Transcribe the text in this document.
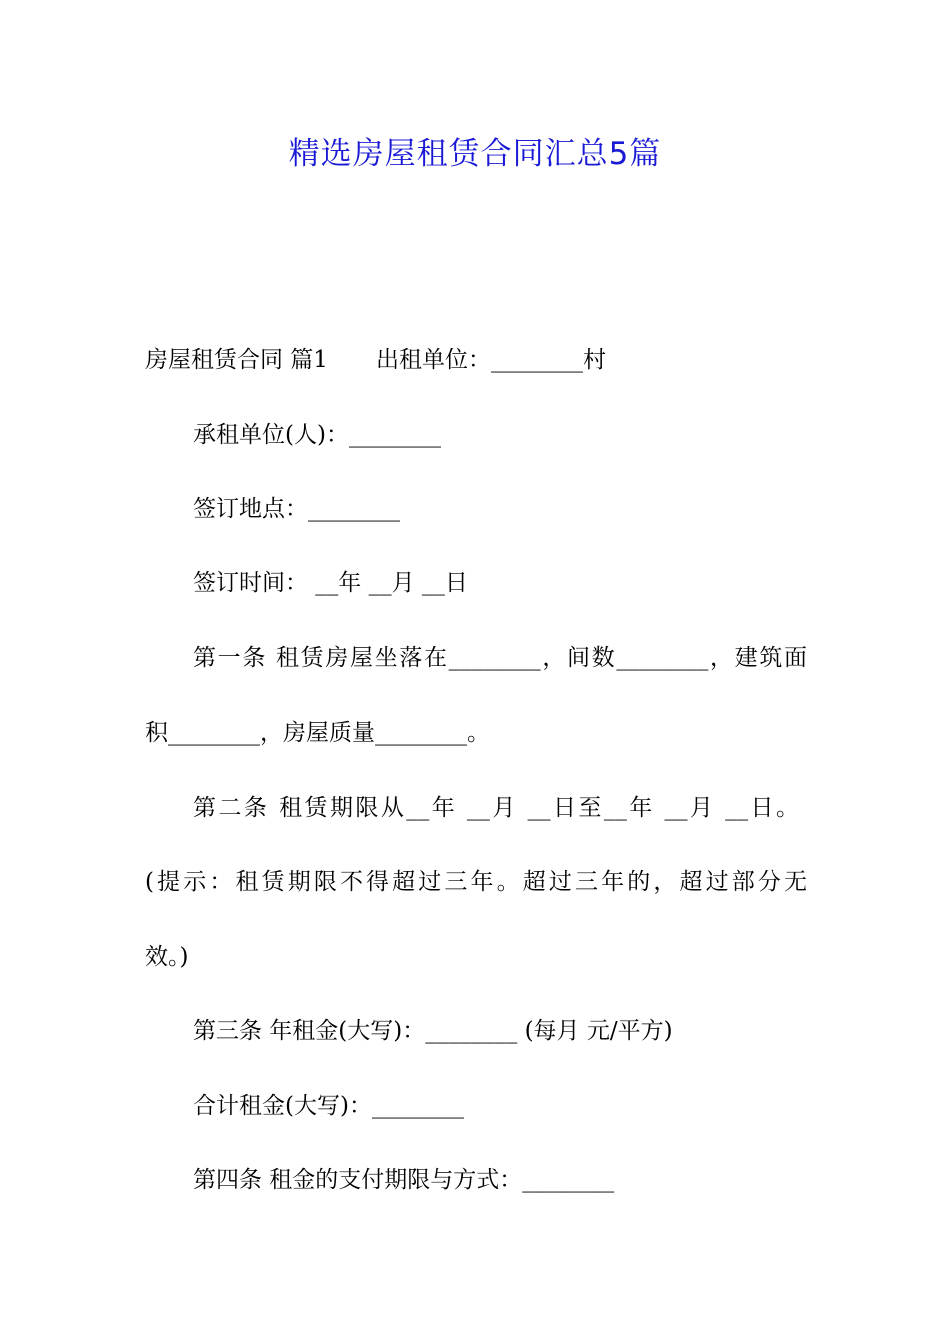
精选房屋租赁合同汇总5篇
房屋租赁合同 篇1 出租单位：________村
承租单位(人)：________
签订地点：________
签订时间： __年 __月 __日
第一条 租赁房屋坐落在________，间数________，建筑面
积________，房屋质量________。
第二条 租赁期限从__年 __月 __日至__年 __月 __日。
(提示：租赁期限不得超过三年。超过三年的，超过部分无
效。)
第三条 年租金(大写)：________ (每月 元/平方)
合计租金(大写)：________
第四条 租金的支付期限与方式：________
